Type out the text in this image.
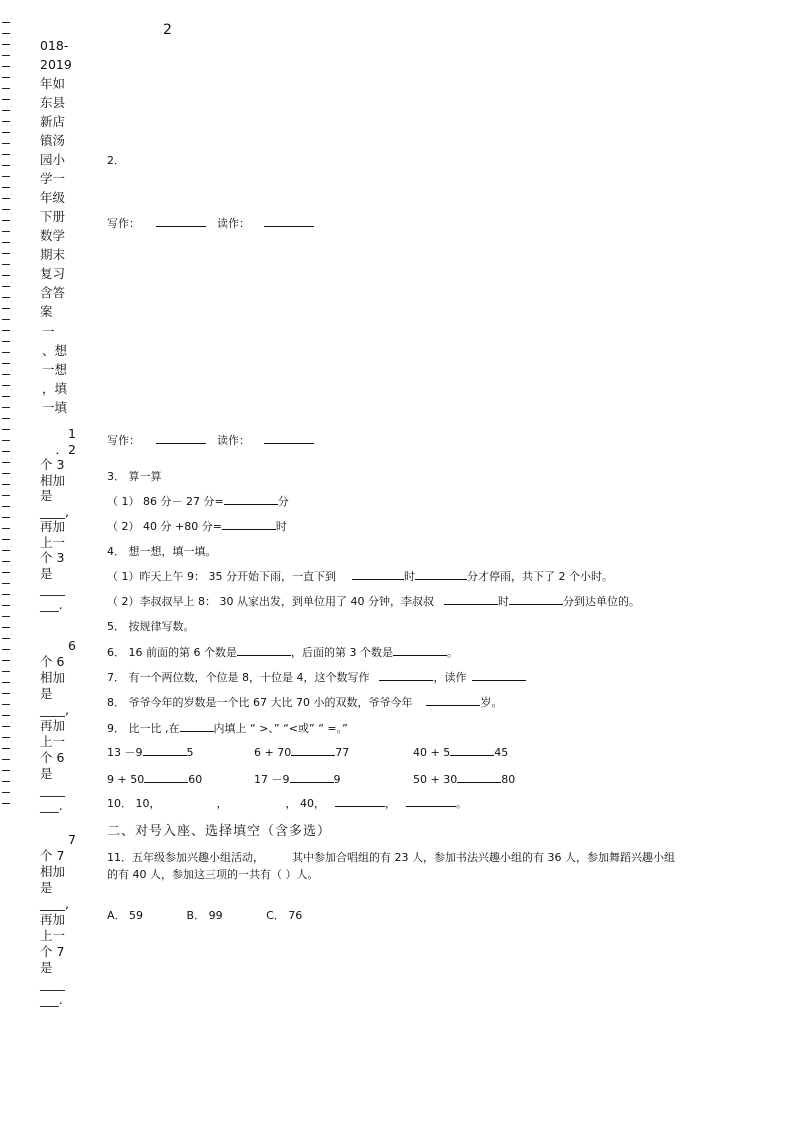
2
018-
2019
年如
东县
新店
镇汤
园小
学一
年级
下册
数学
期末
复习
含答
案
一
、想
一想
，填
一填
1
．2
个 3
相加
是
____,
再加
上一
个 3
是
____
___.
6
个 6
相加
是
____,
再加
上一
个 6
是
____
___.
7
个 7
相加
是
____,
再加
上一
个 7
是
____
___.
2．
写作：	读作：
写作：	读作：
3． 算一算
（ 1） 86 分－ 27 分=	分
（ 2） 40 分 +80 分=	时
4． 想一想，填一填。
（ 1）昨天上午 9： 35 分开始下雨，一直下到	时	分才停雨，共下了 2 个小时。
（ 2）李叔叔早上 8： 30 从家出发，到单位用了 40 分钟，李叔叔	时	分到达单位的。
5． 按规律写数。
6． 16 前面的第 6 个数是	，后面的第 3 个数是	。
7． 有一个两位数，个位是 8，十位是 4，这个数写作	，读作
8． 爷爷今年的岁数是一个比 67 大比 70 小的双数，爷爷今年	岁。
9． 比一比 ,在	内填上 “ >、” “<或” “ =。”
13 －9	5	6 + 70	77	40 + 5	45
9 + 50	60	17 －9	9	50 + 30	80
10． 10，	，	， 40，	，	。
二、对号入座、选择填空（含多选）
11．五年级参加兴趣小组活动，	其中参加合唱组的有 23 人，参加书法兴趣小组的有 36 人，参加舞蹈兴趣小组
的有 40 人，参加这三项的一共有（ ）人。
A． 59	B． 99	C． 76
